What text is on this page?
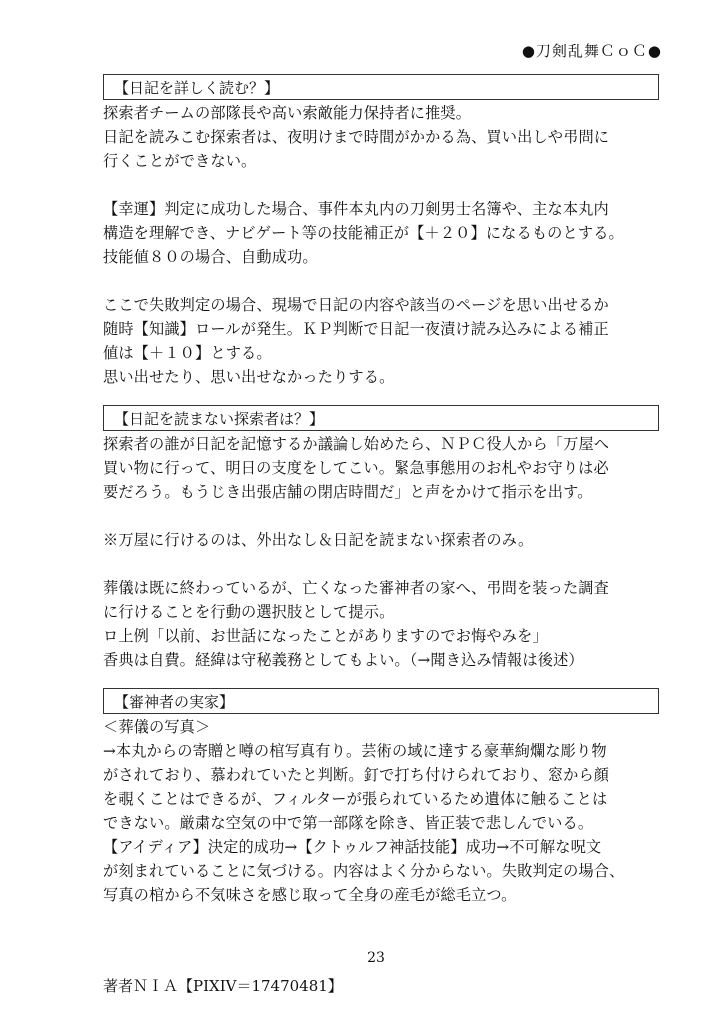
●刀剣乱舞ＣｏＣ●
【日記を詳しく読む？】
探索者チームの部隊長や高い索敵能力保持者に推奨。
日記を読みこむ探索者は、夜明けまで時間がかかる為、買い出しや弔問に
行くことができない。
【幸運】判定に成功した場合、事件本丸内の刀剣男士名簿や、主な本丸内
構造を理解でき、ナビゲート等の技能補正が【＋２０】になるものとする。
技能値８０の場合、自動成功。
ここで失敗判定の場合、現場で日記の内容や該当のページを思い出せるか
随時【知識】ロールが発生。ＫＰ判断で日記一夜漬け読み込みによる補正
値は【＋１０】とする。
思い出せたり、思い出せなかったりする。
【日記を読まない探索者は？】
探索者の誰が日記を記憶するか議論し始めたら、ＮＰＣ役人から「万屋へ
買い物に行って、明日の支度をしてこい。緊急事態用のお札やお守りは必
要だろう。もうじき出張店舗の閉店時間だ」と声をかけて指示を出す。
※万屋に行けるのは、外出なし＆日記を読まない探索者のみ。
葬儀は既に終わっているが、亡くなった審神者の家へ、弔問を装った調査
に行けることを行動の選択肢として提示。
ロ上例「以前、お世話になったことがありますのでお悔やみを」
香典は自費。経緯は守秘義務としてもよい。（→聞き込み情報は後述）
【審神者の実家】
＜葬儀の写真＞
→本丸からの寄贈と噂の棺写真有り。芸術の域に達する豪華絢爛な彫り物
がされており、慕われていたと判断。釘で打ち付けられており、窓から顔
を覗くことはできるが、フィルターが張られているため遺体に触ることは
できない。厳粛な空気の中で第一部隊を除き、皆正装で悲しんでいる。
【アイディア】決定的成功→【クトゥルフ神話技能】成功→不可解な呪文
が刻まれていることに気づける。内容はよく分からない。失敗判定の場合、
写真の棺から不気味さを感じ取って全身の産毛が総毛立つ。
23
著者ＮＩＡ【PIXIV＝17470481】
